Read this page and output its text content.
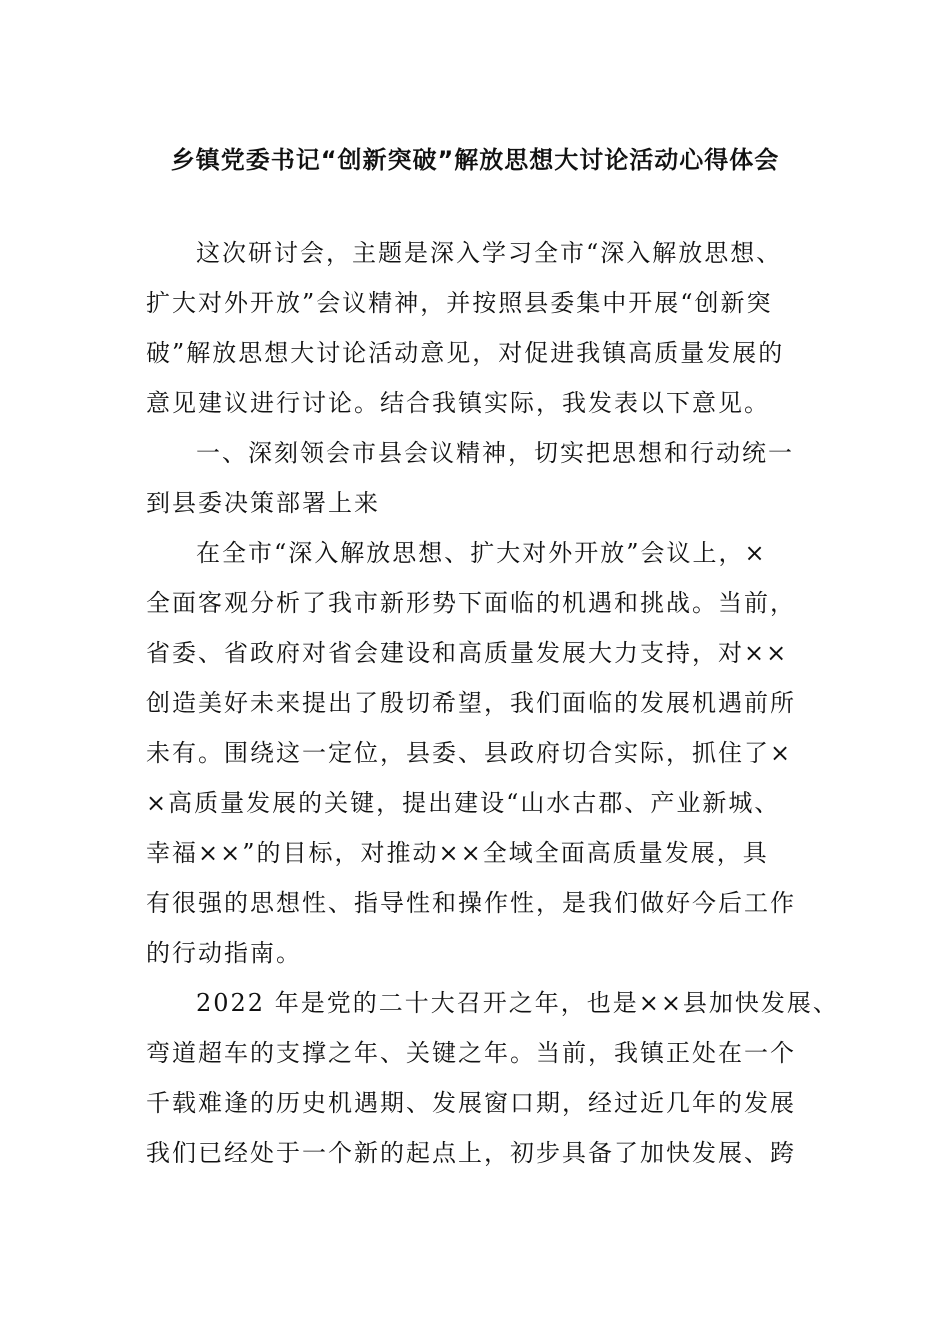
乡镇党委书记“创新突破”解放思想大讨论活动心得体会
这次研讨会，主题是深入学习全市“深入解放思想、
扩大对外开放”会议精神，并按照县委集中开展“创新突
破”解放思想大讨论活动意见，对促进我镇高质量发展的
意见建议进行讨论。结合我镇实际，我发表以下意见。
一、深刻领会市县会议精神，切实把思想和行动统一
到县委决策部署上来
在全市“深入解放思想、扩大对外开放”会议上，×
全面客观分析了我市新形势下面临的机遇和挑战。当前，
省委、省政府对省会建设和高质量发展大力支持，对××
创造美好未来提出了殷切希望，我们面临的发展机遇前所
未有。围绕这一定位，县委、县政府切合实际，抓住了×
×高质量发展的关键，提出建设“山水古郡、产业新城、
幸福××”的目标，对推动××全域全面高质量发展，具
有很强的思想性、指导性和操作性，是我们做好今后工作
的行动指南。
2022 年是党的二十大召开之年，也是××县加快发展、
弯道超车的支撑之年、关键之年。当前，我镇正处在一个
千载难逢的历史机遇期、发展窗口期，经过近几年的发展
我们已经处于一个新的起点上，初步具备了加快发展、跨
